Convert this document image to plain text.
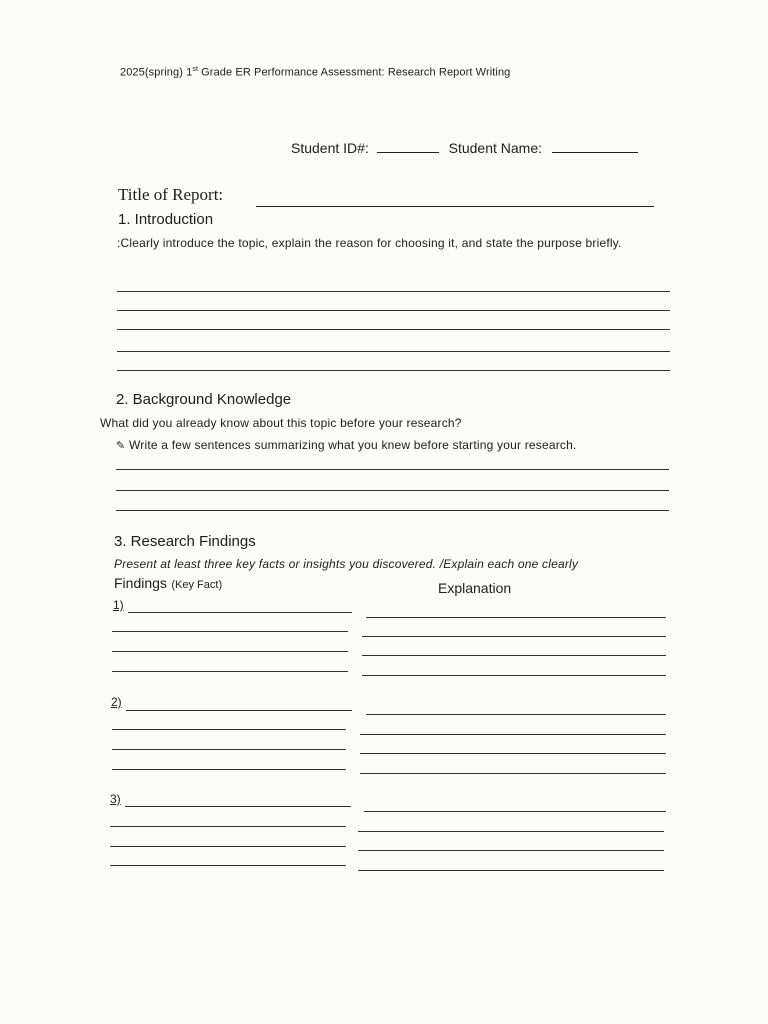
2025(spring) 1st Grade ER Performance Assessment: Research Report Writing
Student ID#:	Student Name:
Title of Report:
1. Introduction
:Clearly introduce the topic, explain the reason for choosing it, and state the purpose briefly.
2. Background Knowledge
What did you already know about this topic before your research?
✎ Write a few sentences summarizing what you knew before starting your research.
3. Research Findings
Present at least three key facts or insights you discovered. /Explain each one clearly
Findings (Key Fact)	Explanation
1)
2)
3)
